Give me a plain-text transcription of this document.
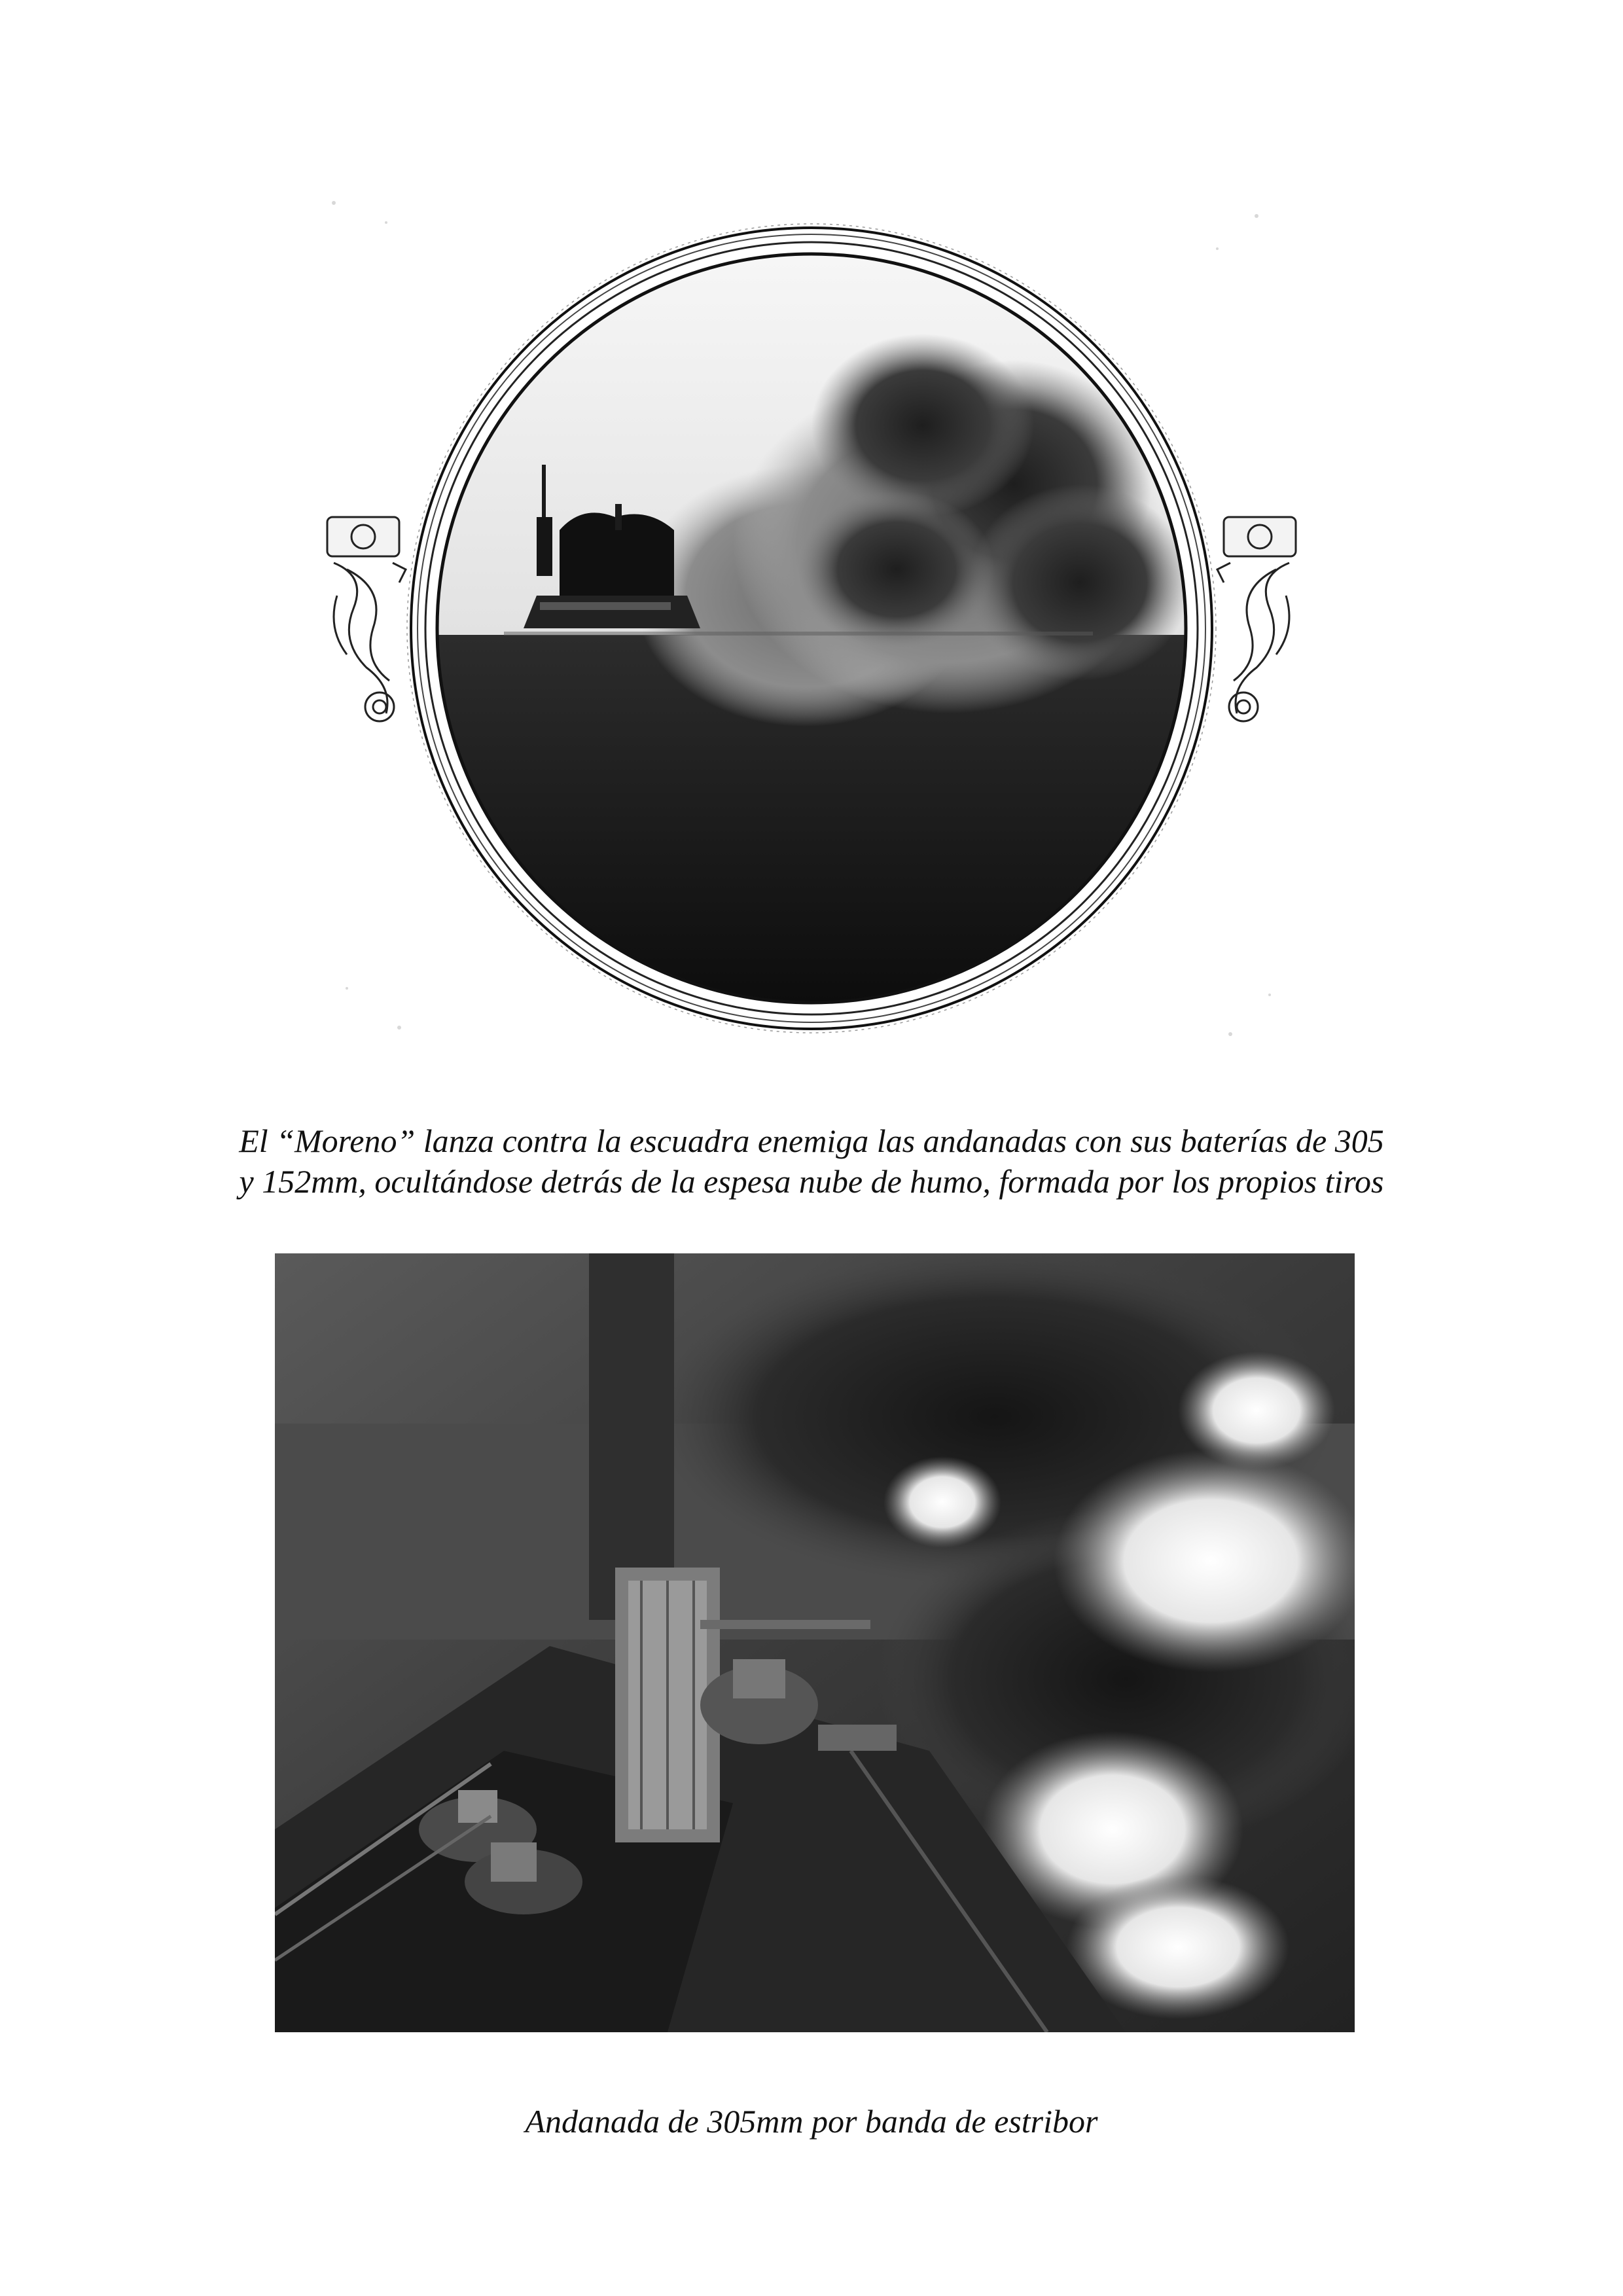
El “Moreno” lanza contra la escuadra enemiga las andanadas con sus baterías de 305
y 152mm, ocultándose detrás de la espesa nube de humo, formada por los propios tiros
Andanada de 305mm por banda de estribor
